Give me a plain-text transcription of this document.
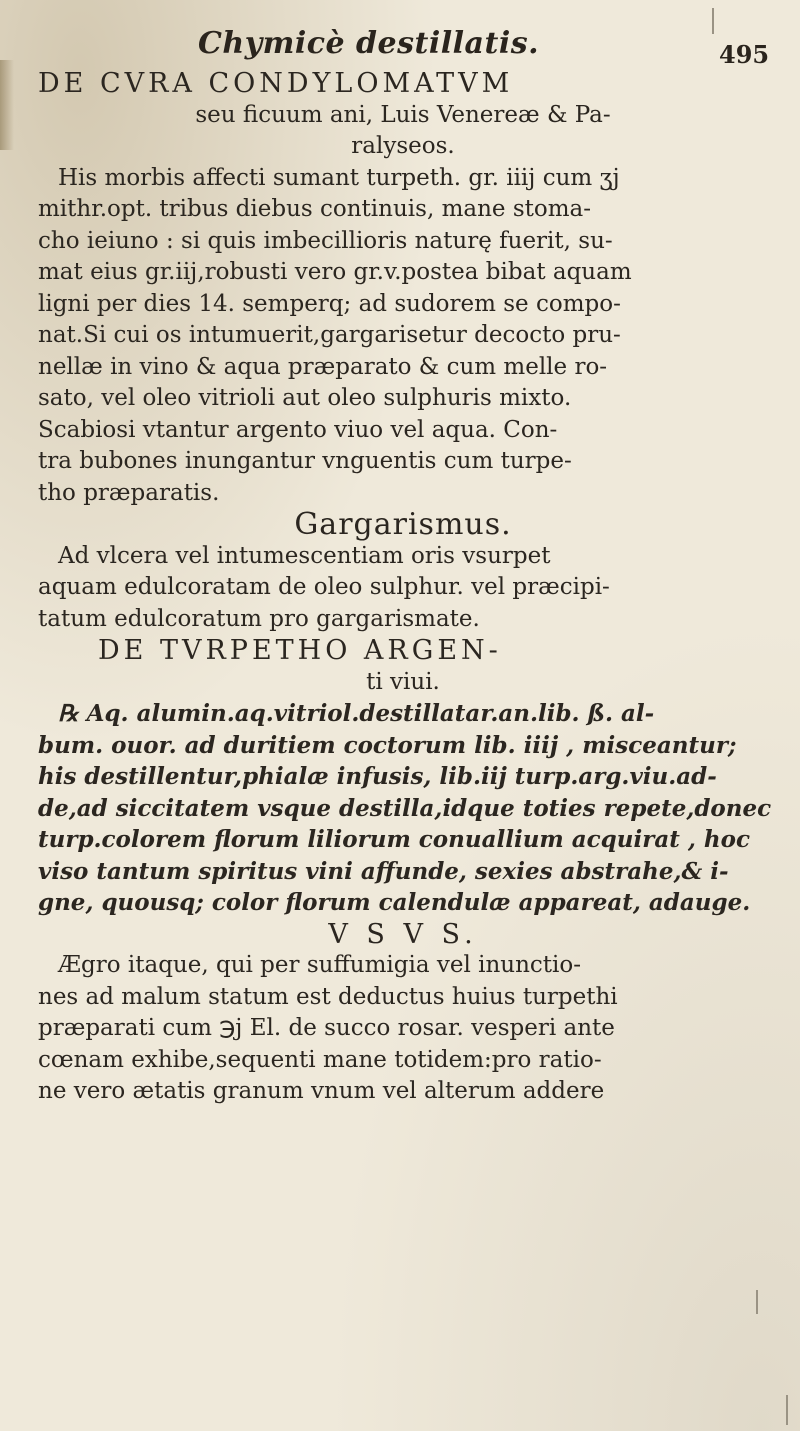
Chymicè destillatis.	495
DE CVRA CONDYLOMATVM
seu ficuum ani, Luis Venereæ & Pa-
ralyseos.
His morbis affecti sumant turpeth. gr. iiij cum ʒj
mithr.opt. tribus diebus continuis, mane stoma-
cho ieiuno : si quis imbecillioris naturę fuerit, su-
mat eius gr.iij,robusti vero gr.v.postea bibat aquam
ligni per dies 14. semperq; ad sudorem se compo-
nat.Si cui os intumuerit,gargarisetur decocto pru-
nellæ in vino & aqua præparato & cum melle ro-
sato, vel oleo vitrioli aut oleo sulphuris mixto.
Scabiosi vtantur argento viuo vel aqua. Con-
tra bubones inungantur vnguentis cum turpe-
tho præparatis.
Gargarismus.
Ad vlcera vel intumescentiam oris vsurpet
aquam edulcoratam de oleo sulphur. vel præcipi-
tatum edulcoratum pro gargarismate.
DE TVRPETHO ARGEN-
ti viui.
℞ Aq. alumin.aq.vitriol.destillatar.an.lib. ß. al-
bum. ouor. ad duritiem coctorum lib. iiij , misceantur;
his destillentur,phialæ infusis, lib.iij turp.arg.viu.ad-
de,ad siccitatem vsque destilla,idque toties repete,donec
turp.colorem florum liliorum conuallium acquirat , hoc
viso tantum spiritus vini affunde, sexies abstrahe,& i-
gne, quousq; color florum calendulæ appareat, adauge.
V S V S.
Ægro itaque, qui per suffumigia vel inunctio-
nes ad malum statum est deductus huius turpethi
præparati cum ℈j El. de succo rosar. vesperi ante
cœnam exhibe,sequenti mane totidem:pro ratio-
ne vero ætatis granum vnum vel alterum addere
